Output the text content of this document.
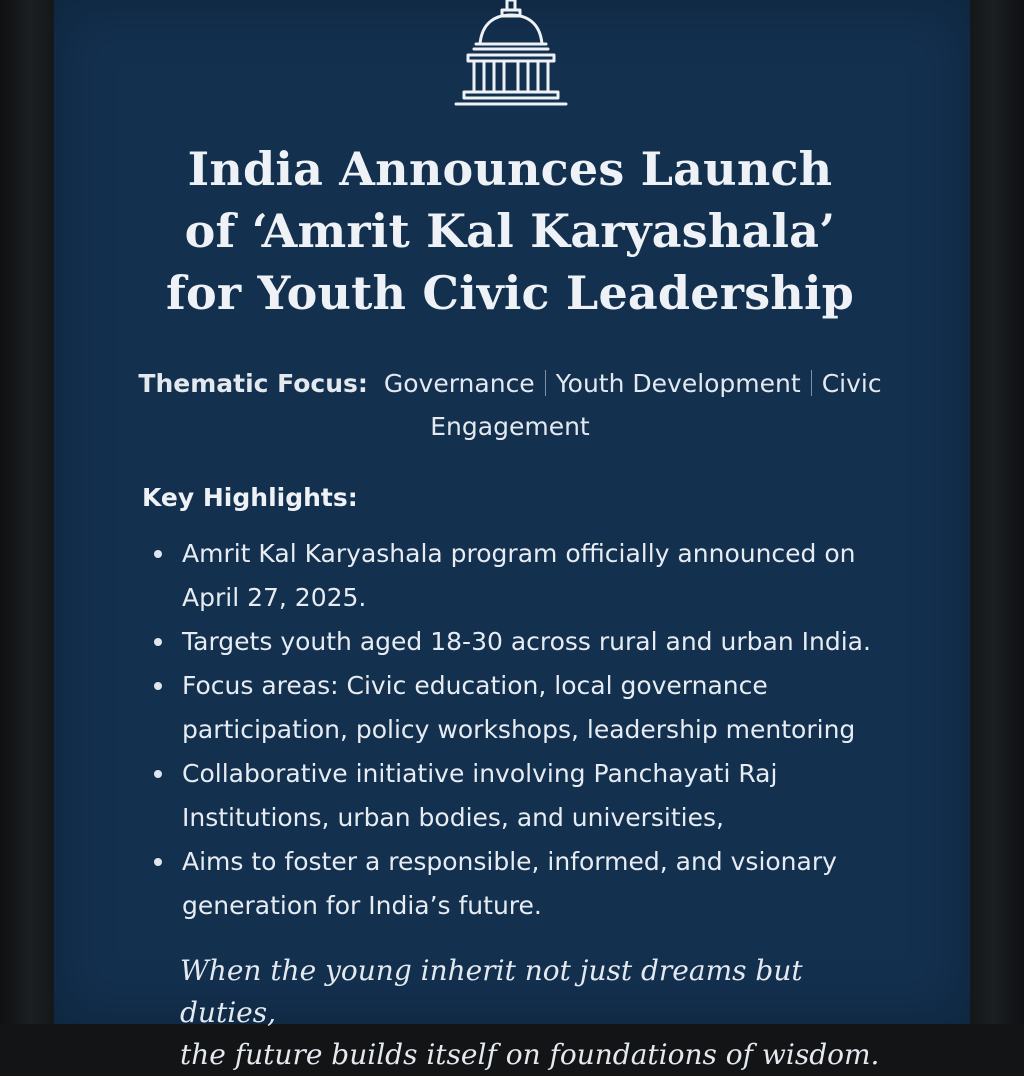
India Announces Launch
of ‘Amrit Kal Karyashala’
for Youth Civic Leadership
Thematic Focus: Governance Youth Development Civic Engagement
Key Highlights:
Amrit Kal Karyashala program officially announced on April 27, 2025.
Targets youth aged 18-30 across rural and urban India.
Focus areas: Civic education, local governance participation, policy workshops, leadership mentoring
Collaborative initiative involving Panchayati Raj Institutions, urban bodies, and universities,
Aims to foster a responsible, informed, and vsionary generation for India’s future.
When the young inherit not just dreams but duties,
the future builds itself on foundations of wisdom.
